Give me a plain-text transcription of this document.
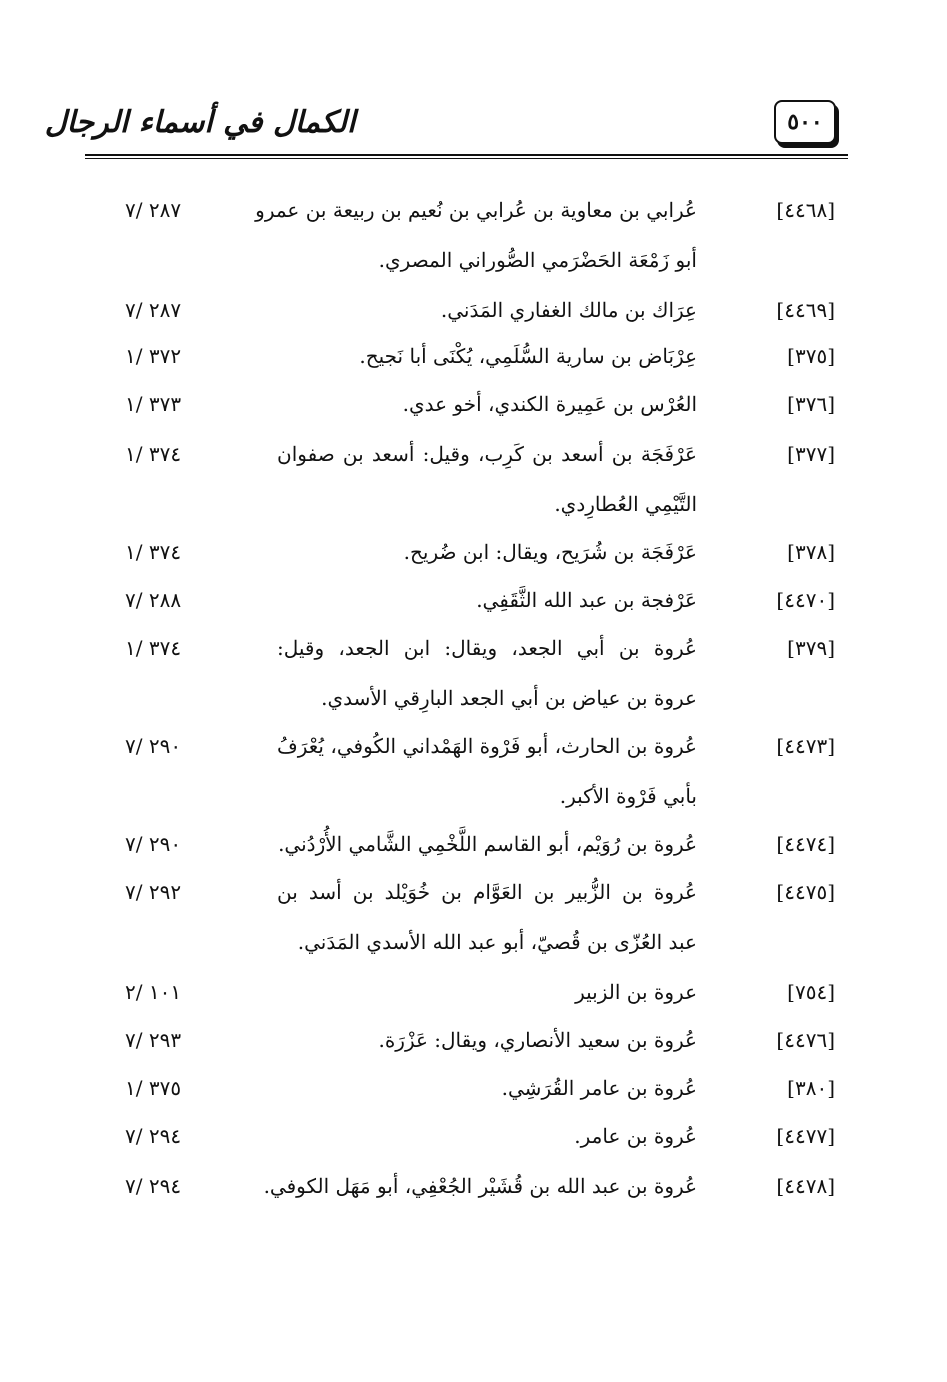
الكمال في أسماء الرجال	٥٠٠
[٤٤٦٨]
عُرابي بن معاوية بن عُرابي بن نُعيم بن ربيعة بن عمرو
أبو زَمْعَة الحَضْرَمي الصُّوراني المصري.
٢٨٧ /٧
[٤٤٦٩]
عِرَاك بن مالك الغفاري المَدَني.
٢٨٧ /٧
[٣٧٥]
عِرْبَاض بن سارية السُّلَمِي، يُكْنَى أبا نَجيح.
٣٧٢ /١
[٣٧٦]
العُرْس بن عَمِيرة الكندي، أخو عدي.
٣٧٣ /١
[٣٧٧]
عَرْفَجَة بن أسعد بن كَرِب، وقيل: أسعد بن صفوان
التَّيْمِي العُطارِدي.
٣٧٤ /١
[٣٧٨]
عَرْفَجَة بن شُرَيح، ويقال: ابن ضُريح.
٣٧٤ /١
[٤٤٧٠]
عَرْفجة بن عبد الله الثَّقَفِي.
٢٨٨ /٧
[٣٧٩]
عُروة بن أبي الجعد، ويقال: ابن الجعد، وقيل:
عروة بن عياض بن أبي الجعد البارِقي الأسدي.
٣٧٤ /١
[٤٤٧٣]
عُروة بن الحارث، أبو فَرْوة الهَمْداني الكُوفي، يُعْرَفُ
بأبي فَرْوة الأكبر.
٢٩٠ /٧
[٤٤٧٤]
عُروة بن رُوَيْم، أبو القاسم اللَّخْمِي الشَّامي الأُرْدُني.
٢٩٠ /٧
[٤٤٧٥]
عُروة بن الزُّبير بن العَوَّام بن خُوَيْلد بن أسد بن
عبد العُزّى بن قُصيّ، أبو عبد الله الأسدي المَدَني.
٢٩٢ /٧
[٧٥٤]
عروة بن الزبير
١٠١ /٢
[٤٤٧٦]
عُروة بن سعيد الأنصاري، ويقال: عَزْرَة.
٢٩٣ /٧
[٣٨٠]
عُروة بن عامر القُرَشِي.
٣٧٥ /١
[٤٤٧٧]
عُروة بن عامر.
٢٩٤ /٧
[٤٤٧٨]
عُروة بن عبد الله بن قُشَيْر الجُعْفِي، أبو مَهَل الكوفي.
٢٩٤ /٧
